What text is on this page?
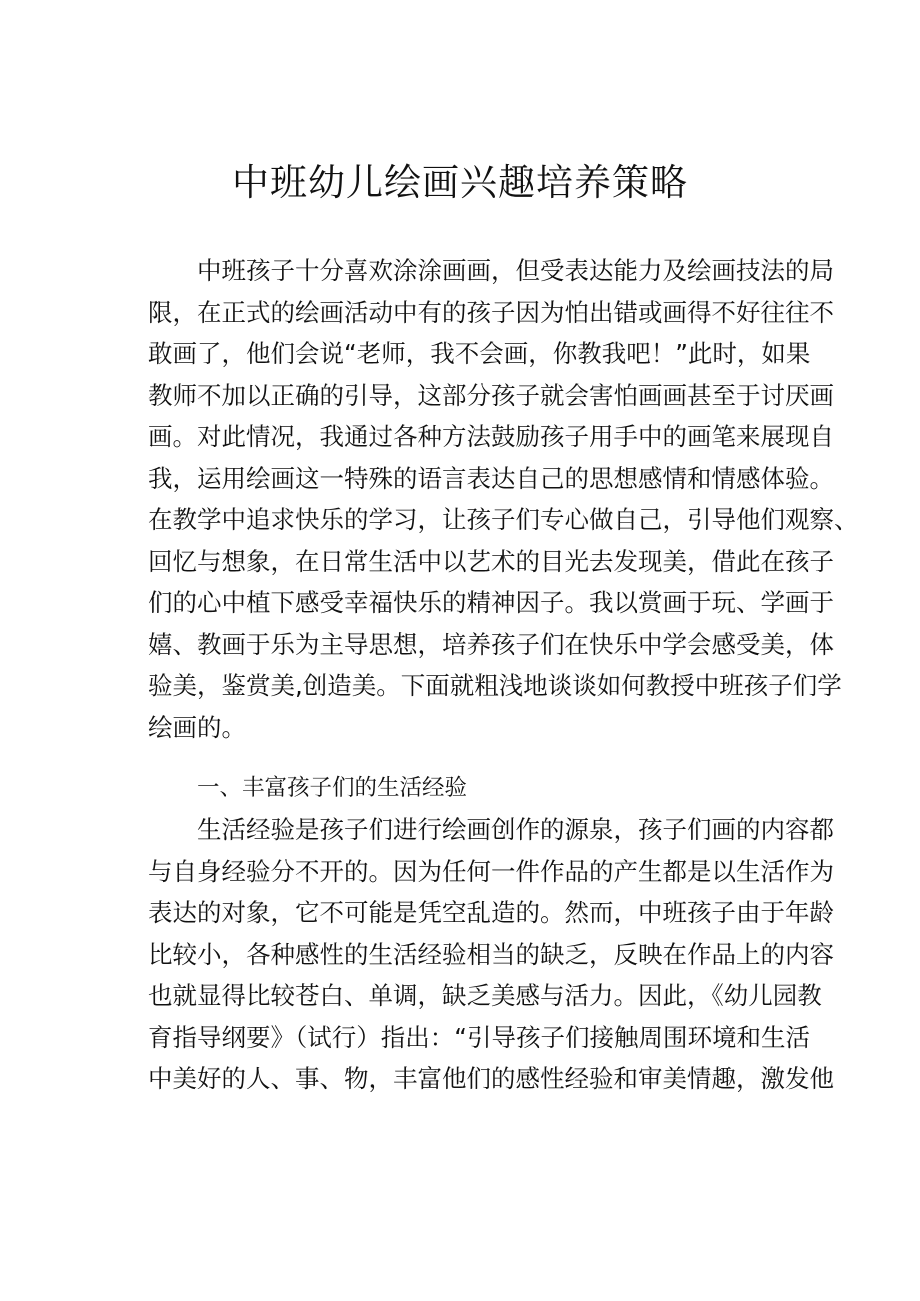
中班幼儿绘画兴趣培养策略
　　中班孩子十分喜欢涂涂画画，但受表达能力及绘画技法的局
限，在正式的绘画活动中有的孩子因为怕出错或画得不好往往不
敢画了，他们会说“老师，我不会画，你教我吧！”此时，如果
教师不加以正确的引导，这部分孩子就会害怕画画甚至于讨厌画
画。对此情况，我通过各种方法鼓励孩子用手中的画笔来展现自
我，运用绘画这一特殊的语言表达自己的思想感情和情感体验。
在教学中追求快乐的学习，让孩子们专心做自己，引导他们观察、
回忆与想象，在日常生活中以艺术的目光去发现美，借此在孩子
们的心中植下感受幸福快乐的精神因子。我以赏画于玩、学画于
嬉、教画于乐为主导思想，培养孩子们在快乐中学会感受美，体
验美，鉴赏美,创造美。下面就粗浅地谈谈如何教授中班孩子们学
绘画的。
一、丰富孩子们的生活经验
　　生活经验是孩子们进行绘画创作的源泉，孩子们画的内容都
与自身经验分不开的。因为任何一件作品的产生都是以生活作为
表达的对象，它不可能是凭空乱造的。然而，中班孩子由于年龄
比较小，各种感性的生活经验相当的缺乏，反映在作品上的内容
也就显得比较苍白、单调，缺乏美感与活力。因此，《幼儿园教
育指导纲要》（试行）指出：“引导孩子们接触周围环境和生活
中美好的人、事、物，丰富他们的感性经验和审美情趣，激发他
